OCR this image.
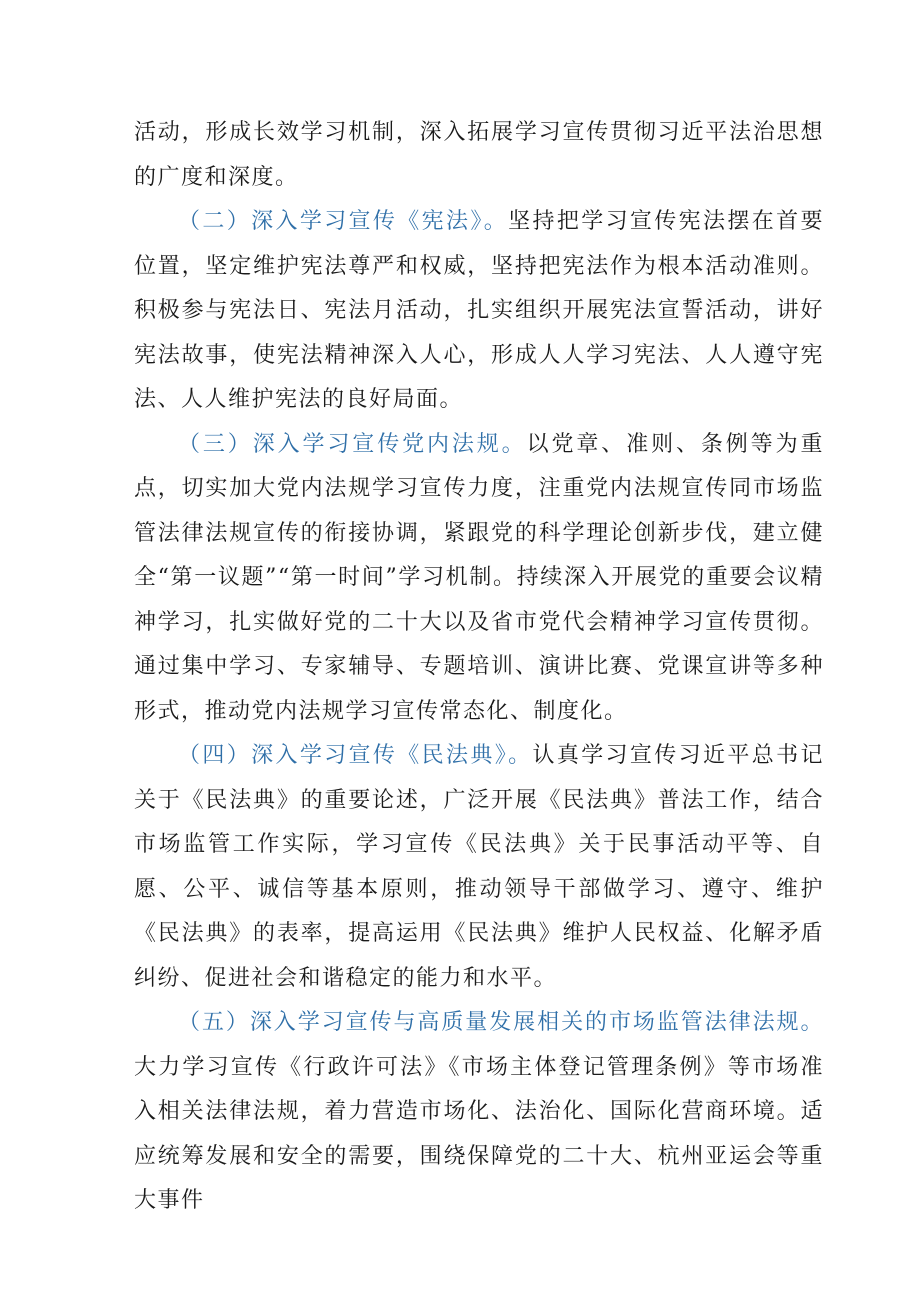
活动，形成长效学习机制，深入拓展学习宣传贯彻习近平法治思想的广度和深度。

（二）深入学习宣传《宪法》。坚持把学习宣传宪法摆在首要位置，坚定维护宪法尊严和权威，坚持把宪法作为根本活动准则。积极参与宪法日、宪法月活动，扎实组织开展宪法宣誓活动，讲好宪法故事，使宪法精神深入人心，形成人人学习宪法、人人遵守宪法、人人维护宪法的良好局面。

（三）深入学习宣传党内法规。以党章、准则、条例等为重点，切实加大党内法规学习宣传力度，注重党内法规宣传同市场监管法律法规宣传的衔接协调，紧跟党的科学理论创新步伐，建立健全“第一议题”“第一时间”学习机制。持续深入开展党的重要会议精神学习，扎实做好党的二十大以及省市党代会精神学习宣传贯彻。通过集中学习、专家辅导、专题培训、演讲比赛、党课宣讲等多种形式，推动党内法规学习宣传常态化、制度化。

（四）深入学习宣传《民法典》。认真学习宣传习近平总书记关于《民法典》的重要论述，广泛开展《民法典》普法工作，结合市场监管工作实际，学习宣传《民法典》关于民事活动平等、自愿、公平、诚信等基本原则，推动领导干部做学习、遵守、维护《民法典》的表率，提高运用《民法典》维护人民权益、化解矛盾纠纷、促进社会和谐稳定的能力和水平。

（五）深入学习宣传与高质量发展相关的市场监管法律法规。大力学习宣传《行政许可法》《市场主体登记管理条例》等市场准入相关法律法规，着力营造市场化、法治化、国际化营商环境。适应统筹发展和安全的需要，围绕保障党的二十大、杭州亚运会等重大事件
